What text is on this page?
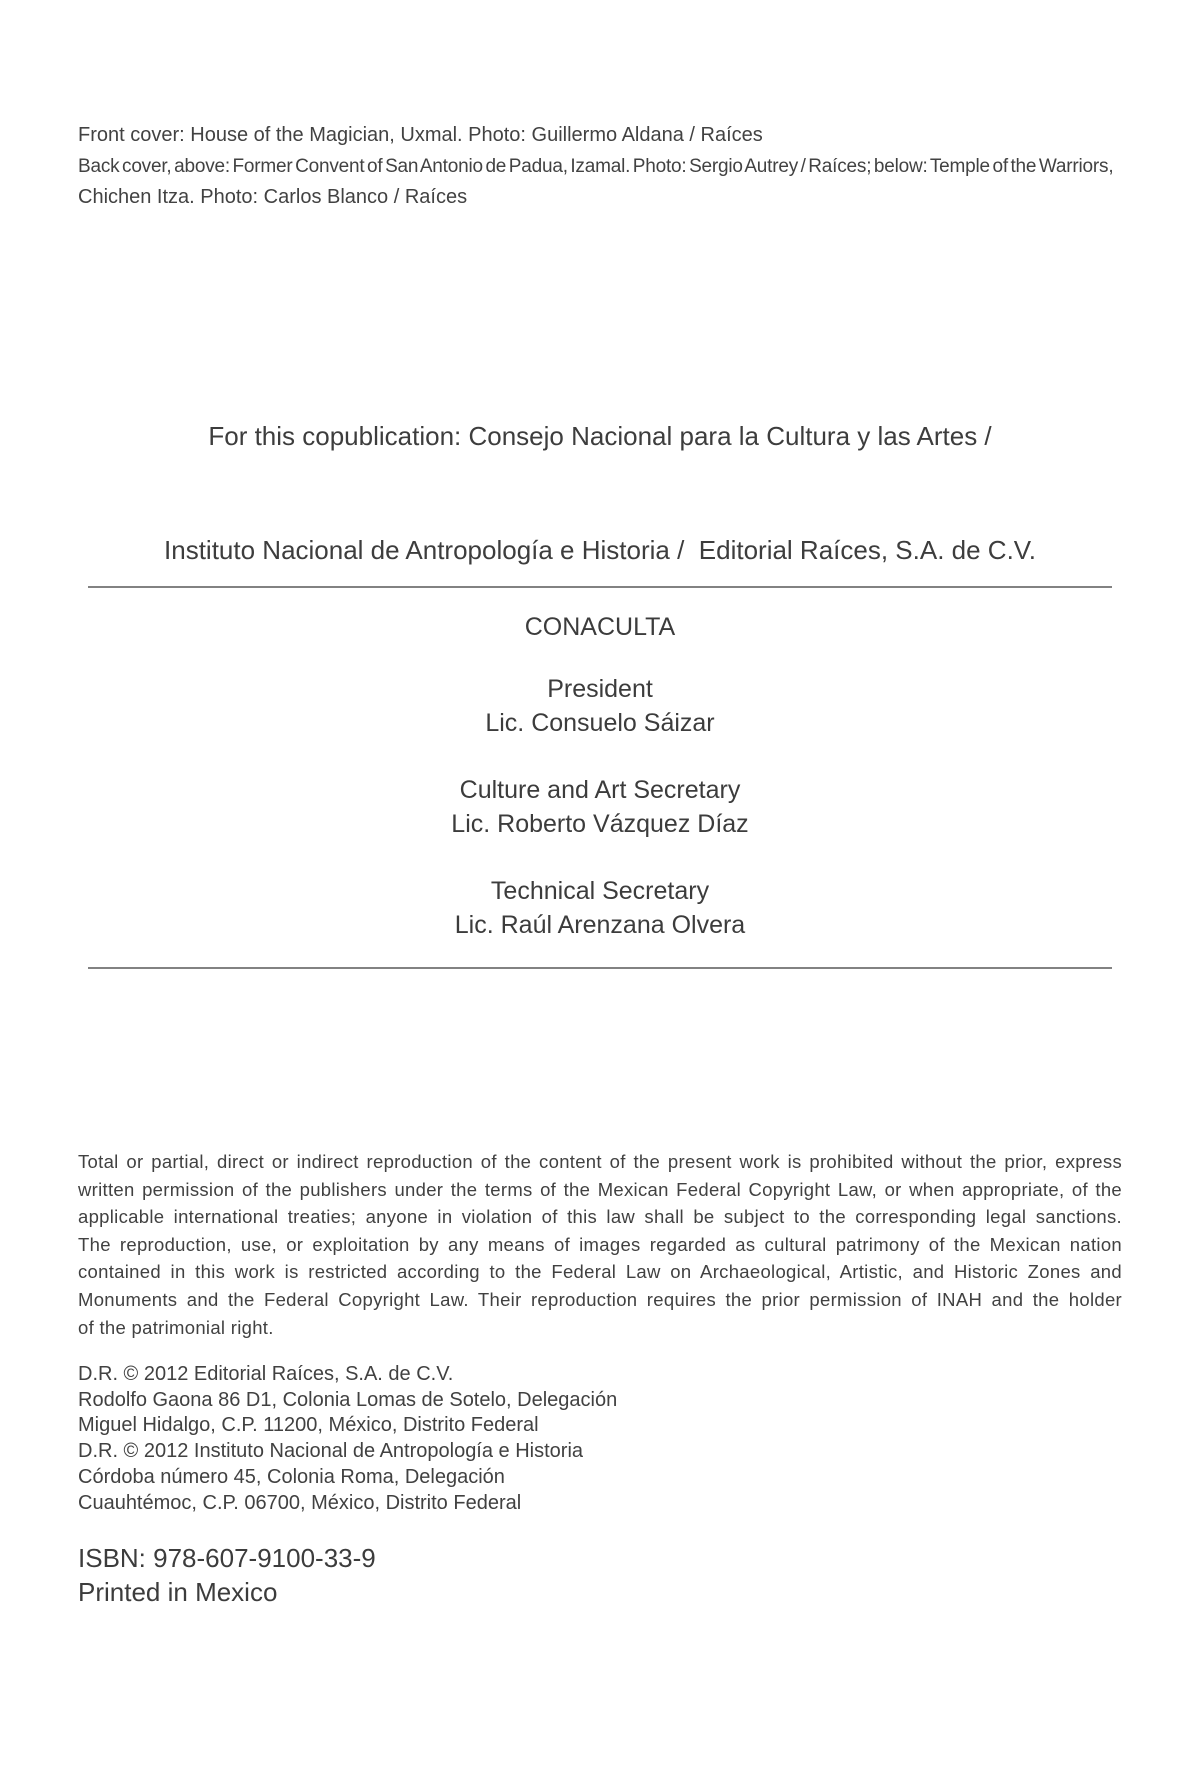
Front cover: House of the Magician, Uxmal. Photo: Guillermo Aldana / Raíces
Back cover, above: Former Convent of San Antonio de Padua, Izamal. Photo: Sergio Autrey / Raíces; below: Temple of the Warriors,
Chichen Itza. Photo: Carlos Blanco / Raíces

For this copublication: Consejo Nacional para la Cultura y las Artes /

Instituto Nacional de Antropología e Historia /  Editorial Raíces, S.A. de C.V.

CONACULTA
President
Lic. Consuelo Sáizar
Culture and Art Secretary
Lic. Roberto Vázquez Díaz
Technical Secretary
Lic. Raúl Arenzana Olvera
Total or partial, direct or indirect reproduction of the content of the present work is prohibited without the prior, express
written permission of the publishers under the terms of the Mexican Federal Copyright Law, or when appropriate, of the
applicable international treaties; anyone in violation of this law shall be subject to the corresponding legal sanctions.
The reproduction, use, or exploitation by any means of images regarded as cultural patrimony of the Mexican nation
contained in this work is restricted according to the Federal Law on Archaeological, Artistic, and Historic Zones and
Monuments and the Federal Copyright Law. Their reproduction requires the prior permission of INAH and the holder
of the patrimonial right.
D.R. © 2012 Editorial Raíces, S.A. de C.V.
Rodolfo Gaona 86 D1, Colonia Lomas de Sotelo, Delegación
Miguel Hidalgo, C.P. 11200, México, Distrito Federal
D.R. © 2012 Instituto Nacional de Antropología e Historia
Córdoba número 45, Colonia Roma, Delegación
Cuauhtémoc, C.P. 06700, México, Distrito Federal
ISBN: 978-607-9100-33-9
Printed in Mexico
